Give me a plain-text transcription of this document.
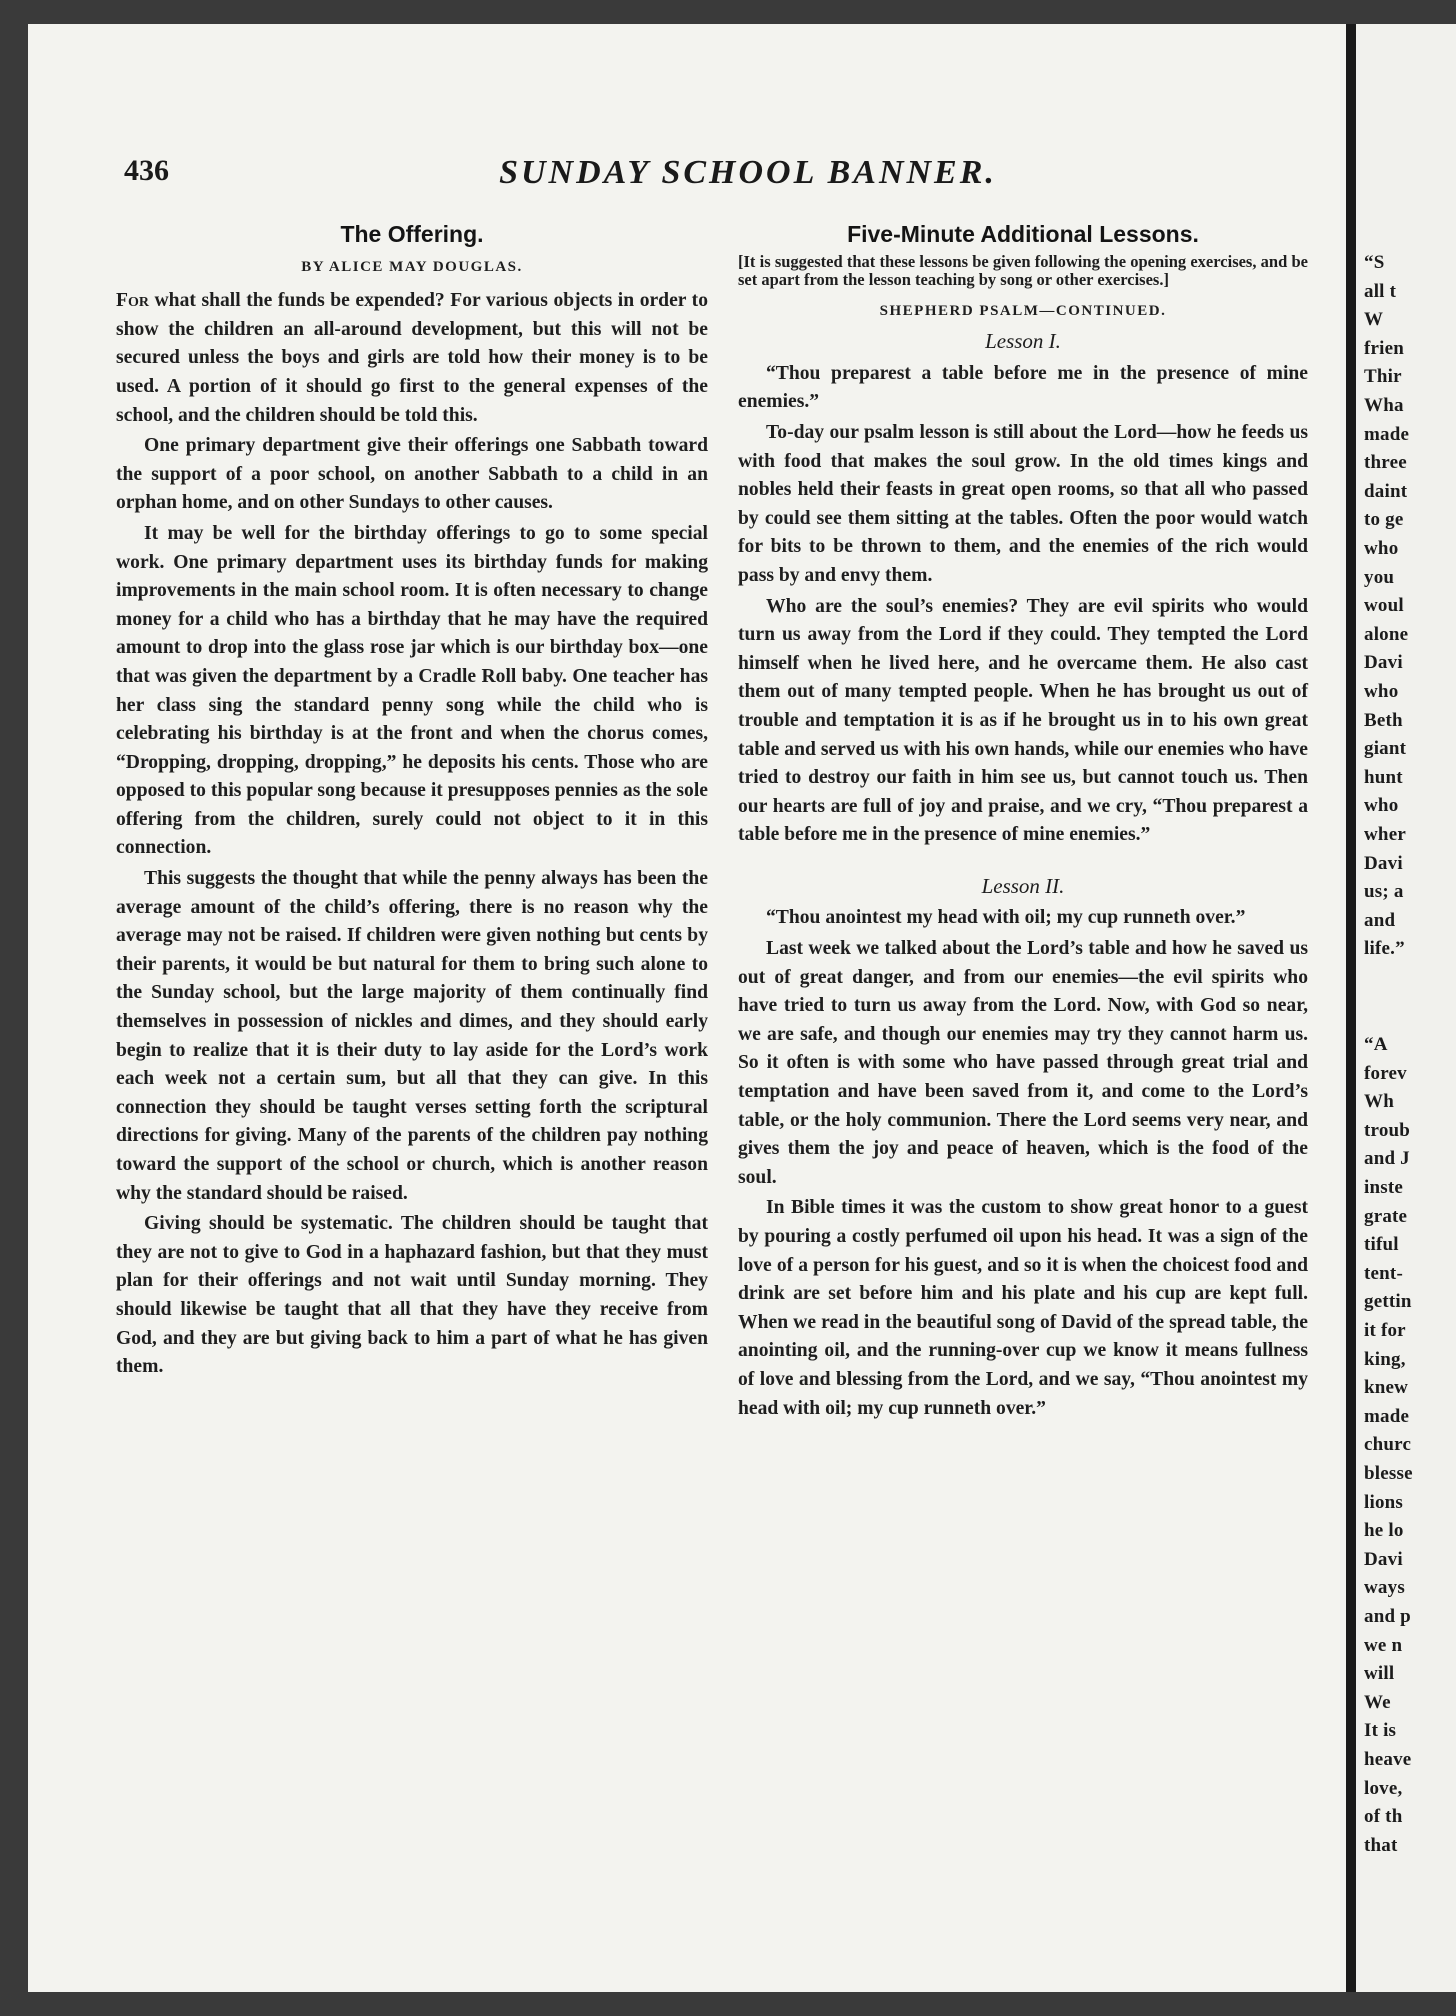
436	SUNDAY SCHOOL BANNER.
The Offering.
BY ALICE MAY DOUGLAS.

For what shall the funds be expended? For various objects in order to show the children an all-around development, but this will not be secured unless the boys and girls are told how their money is to be used. A portion of it should go first to the general expenses of the school, and the children should be told this.

One primary department give their offerings one Sabbath toward the support of a poor school, on another Sabbath to a child in an orphan home, and on other Sundays to other causes.

It may be well for the birthday offerings to go to some special work. One primary department uses its birthday funds for making improvements in the main school room. It is often necessary to change money for a child who has a birthday that he may have the required amount to drop into the glass rose jar which is our birthday box—one that was given the department by a Cradle Roll baby. One teacher has her class sing the standard penny song while the child who is celebrating his birthday is at the front and when the chorus comes, “Dropping, dropping, dropping,” he deposits his cents. Those who are opposed to this popular song because it presupposes pennies as the sole offering from the children, surely could not object to it in this connection.

This suggests the thought that while the penny always has been the average amount of the child’s offering, there is no reason why the average may not be raised. If children were given nothing but cents by their parents, it would be but natural for them to bring such alone to the Sunday school, but the large majority of them continually find themselves in possession of nickles and dimes, and they should early begin to realize that it is their duty to lay aside for the Lord’s work each week not a certain sum, but all that they can give. In this connection they should be taught verses setting forth the scriptural directions for giving. Many of the parents of the children pay nothing toward the support of the school or church, which is another reason why the standard should be raised.

Giving should be systematic. The children should be taught that they are not to give to God in a haphazard fashion, but that they must plan for their offerings and not wait until Sunday morning. They should likewise be taught that all that they have they receive from God, and they are but giving back to him a part of what he has given them.

Five-Minute Additional Lessons.
[It is suggested that these lessons be given following the opening exercises, and be set apart from the lesson teaching by song or other exercises.]
SHEPHERD PSALM—CONTINUED.
Lesson I.

“Thou preparest a table before me in the presence of mine enemies.”

To-day our psalm lesson is still about the Lord—how he feeds us with food that makes the soul grow. In the old times kings and nobles held their feasts in great open rooms, so that all who passed by could see them sitting at the tables. Often the poor would watch for bits to be thrown to them, and the enemies of the rich would pass by and envy them.

Who are the soul’s enemies? They are evil spirits who would turn us away from the Lord if they could. They tempted the Lord himself when he lived here, and he overcame them. He also cast them out of many tempted people. When he has brought us out of trouble and temptation it is as if he brought us in to his own great table and served us with his own hands, while our enemies who have tried to destroy our faith in him see us, but cannot touch us. Then our hearts are full of joy and praise, and we cry, “Thou preparest a table before me in the presence of mine enemies.”

Lesson II.

“Thou anointest my head with oil; my cup runneth over.”

Last week we talked about the Lord’s table and how he saved us out of great danger, and from our enemies—the evil spirits who have tried to turn us away from the Lord. Now, with God so near, we are safe, and though our enemies may try they cannot harm us. So it often is with some who have passed through great trial and temptation and have been saved from it, and come to the Lord’s table, or the holy communion. There the Lord seems very near, and gives them the joy and peace of heaven, which is the food of the soul.

In Bible times it was the custom to show great honor to a guest by pouring a costly perfumed oil upon his head. It was a sign of the love of a person for his guest, and so it is when the choicest food and drink are set before him and his plate and his cup are kept full. When we read in the beautiful song of David of the spread table, the anointing oil, and the running-over cup we know it means fullness of love and blessing from the Lord, and we say, “Thou anointest my head with oil; my cup runneth over.”

“S
all t
W
frien
Thir
Wha
made
three
daint
to ge
who
you
woul
alone
Davi
who
Beth
giant
hunt
who
wher
Davi
us; a
and
life.”
“A
forev
Wh
troub
and J
inste
grate
tiful
tent-
gettin
it for
king,
knew
made
churc
blesse
lions
he lo
Davi
ways
and p
we n
will
We
It is
heave
love,
of th
that
